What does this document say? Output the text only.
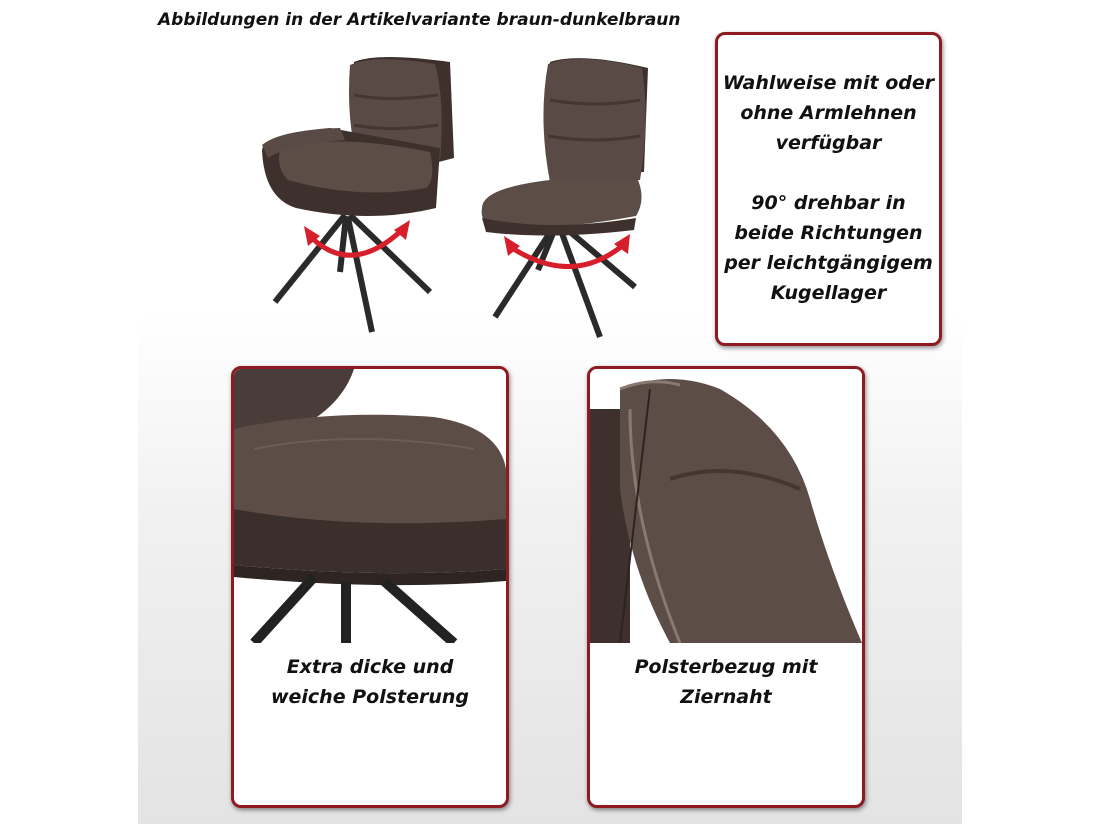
Abbildungen in der Artikelvariante braun-dunkelbraun
Wahlweise mit oder
ohne Armlehnen
verfügbar

90° drehbar in
beide Richtungen
per leichtgängigem
Kugellager
Extra dicke und
weiche Polsterung
Polsterbezug mit
Ziernaht
